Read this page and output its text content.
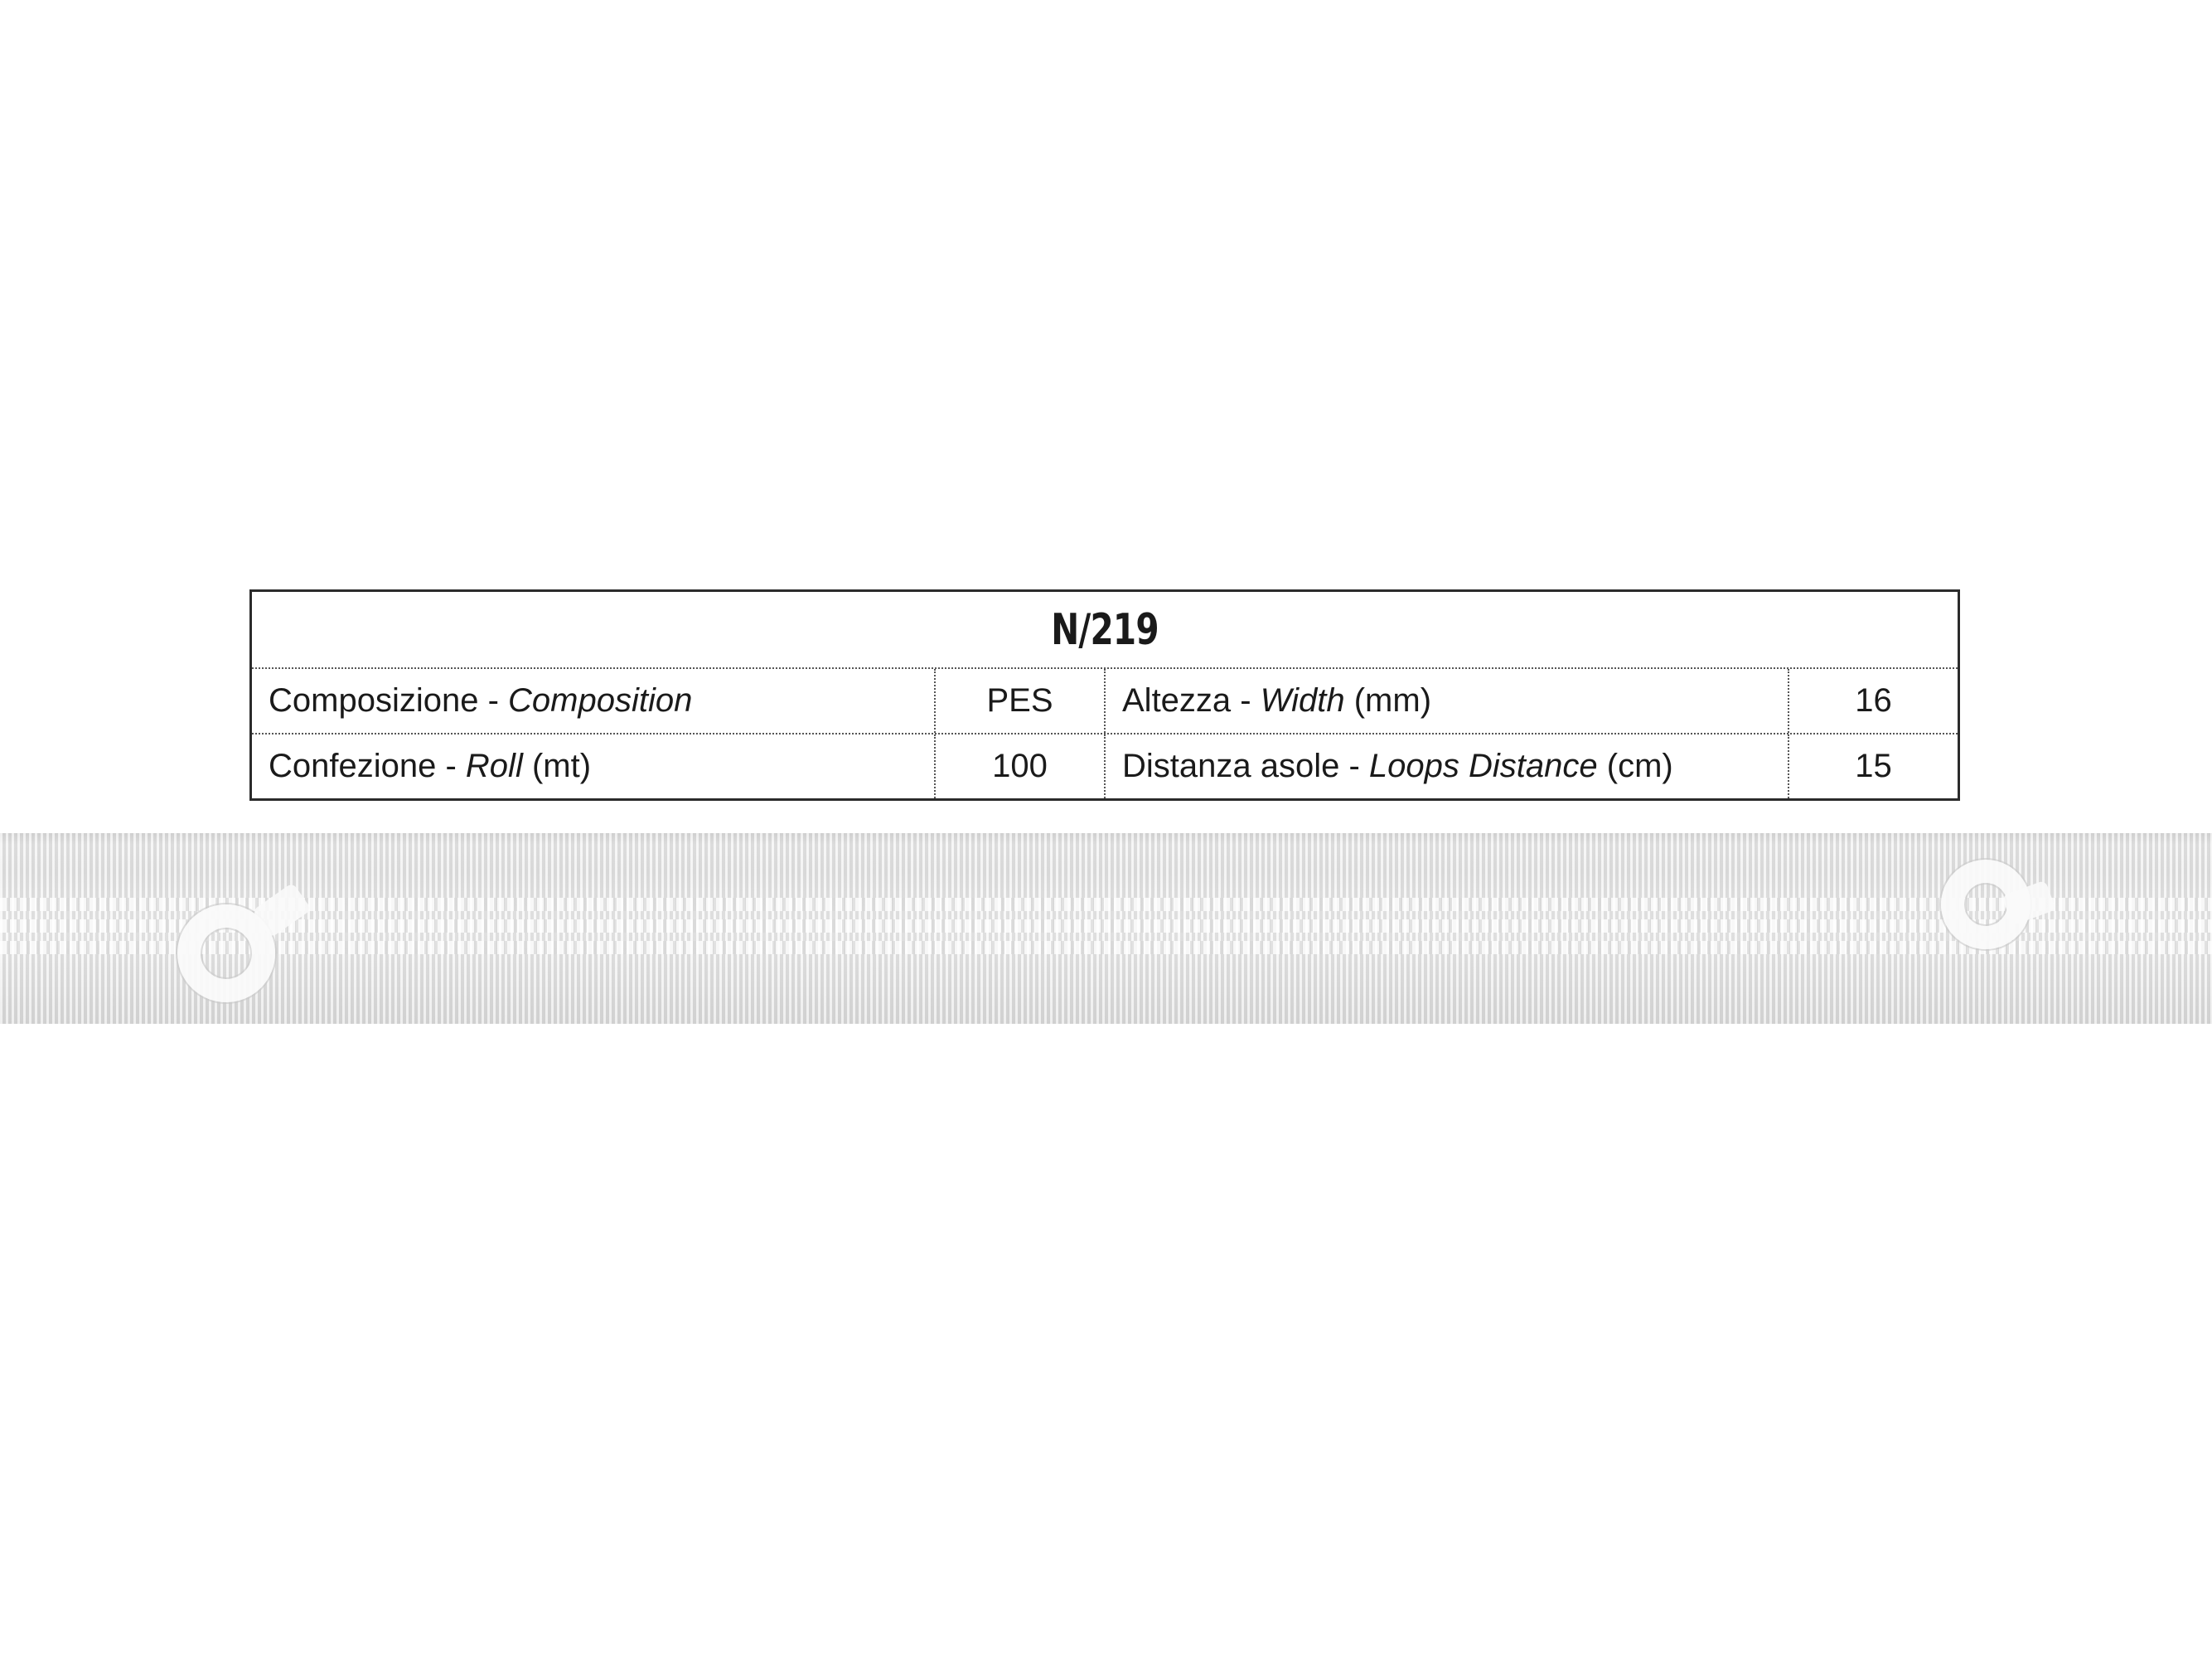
N/219
Composizione - Composition	PES	Altezza - Width (mm)	16
Confezione - Roll (mt)	100	Distanza asole - Loops Distance (cm)	15
